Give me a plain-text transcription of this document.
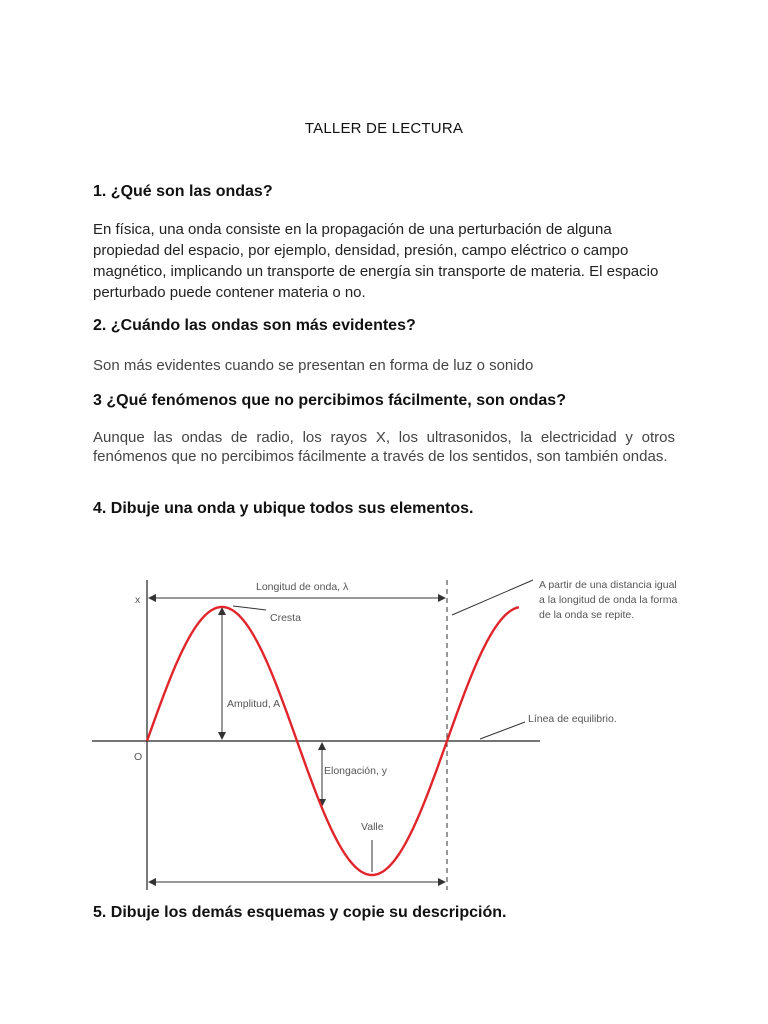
TALLER DE LECTURA
1. ¿Qué son las ondas?
En física, una onda consiste en la propagación de una perturbación de alguna propiedad del espacio, por ejemplo, densidad, presión, campo eléctrico o campo magnético, implicando un transporte de energía sin transporte de materia. El espacio perturbado puede contener materia o no.
2. ¿Cuándo las ondas son más evidentes?
Son más evidentes cuando se presentan en forma de luz o sonido
3 ¿Qué fenómenos que no percibimos fácilmente, son ondas?
Aunque las ondas de radio, los rayos X, los ultrasonidos, la electricidad y otros fenómenos que no percibimos fácilmente a través de los sentidos, son también ondas.
4. Dibuje una onda y ubique todos sus elementos.
x
O
Longitud de onda, λ
Cresta
Amplitud, A
Elongación, y
Valle
A partir de una distancia igual
a la longitud de onda la forma
de la onda se repite.
Línea de equilibrio.
5. Dibuje los demás esquemas y copie su descripción.
